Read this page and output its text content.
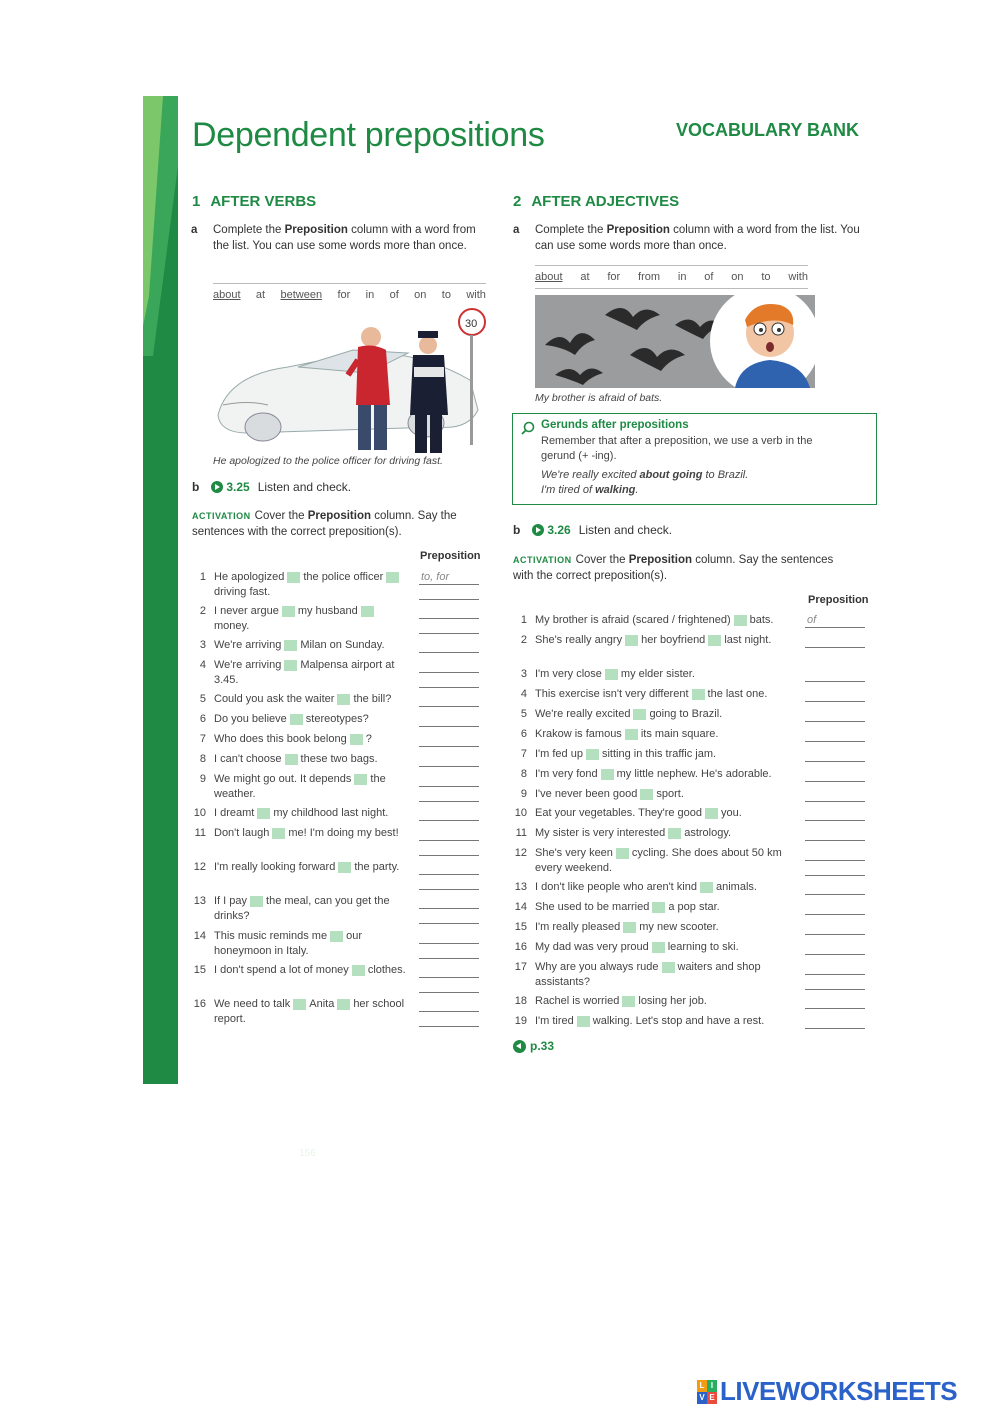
156
Dependent prepositions	VOCABULARY BANK
1 AFTER VERBS

a Complete the Preposition column with a word from the list. You can use some words more than once.

about at between for in of on to with
30

He apologized to the police officer for driving fast.

b 3.25 Listen and check.

ACTIVATION Cover the Preposition column. Say the sentences with the correct preposition(s).

Preposition

1 He apologized the police officerdriving fast.
to, for
2 I never argue my husbandmoney.
3 We're arriving Milan on Sunday.
4 We're arriving Malpensa airport at 3.45.
5 Could you ask the waiter the bill?
6 Do you believe stereotypes?
7 Who does this book belong ?
8 I can't choose these two bags.
9 We might go out. It depends the weather.
10 I dreamt my childhood last night.
11 Don't laugh me! I'm doing my best!
12 I'm really looking forward the party.
13 If I pay the meal, can you get the drinks?
14 This music reminds me our honeymoon in Italy.
15 I don't spend a lot of money clothes.
16 We need to talk Anita her school report.
2 AFTER ADJECTIVES

a Complete the Preposition column with a word from the list. You can use some words more than once.

about at for from in of on to with

My brother is afraid of bats.

Gerunds after prepositions

Remember that after a preposition, we use a verb in the

gerund (+ -ing).

We're really excited about going to Brazil.

I'm tired of walking.

b 3.26 Listen and check.

ACTIVATION Cover the Preposition column. Say the sentences with the correct preposition(s).

Preposition

1 My brother is afraid (scared / frightened) bats.	of
2 She's really angry her boyfriend last night.
3 I'm very close my elder sister.
4 This exercise isn't very different the last one.
5 We're really excited going to Brazil.
6 Krakow is famous its main square.
7 I'm fed up sitting in this traffic jam.
8 I'm very fond my little nephew. He's adorable.
9 I've never been good sport.
10 Eat your vegetables. They're good you.
11 My sister is very interested astrology.
12 She's very keen cycling. She does about 50 km every weekend.
13 I don't like people who aren't kind animals.
14 She used to be married a pop star.
15 I'm really pleased my new scooter.
16 My dad was very proud learning to ski.
17 Why are you always rude waiters and shop assistants?
18 Rachel is worried losing her job.
19 I'm tired walking. Let's stop and have a rest.

p.33

L I
V E LIVEWORKSHEETS
